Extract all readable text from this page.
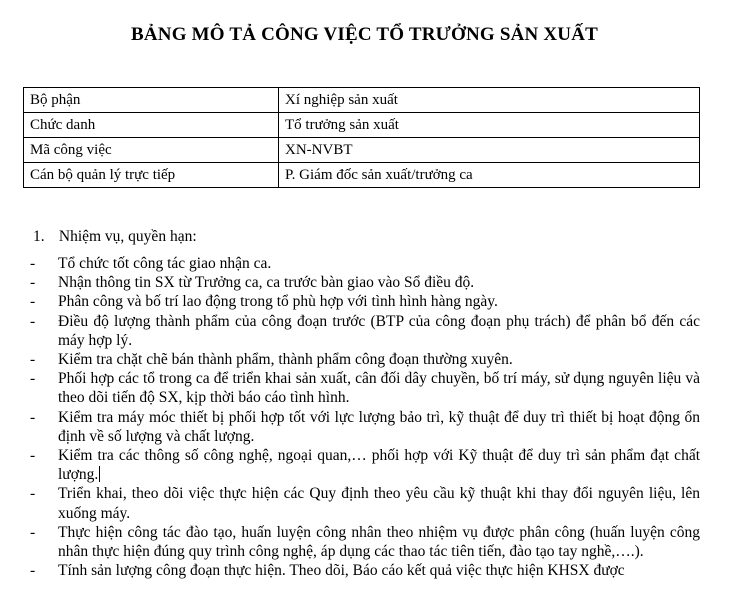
BẢNG MÔ TẢ CÔNG VIỆC TỔ TRƯỞNG SẢN XUẤT
Bộ phận	Xí nghiệp sản xuất
Chức danh	Tổ trưởng sản xuất
Mã công việc	XN-NVBT
Cán bộ quản lý trực tiếp	P. Giám đốc sản xuất/trưởng ca
1. Nhiệm vụ, quyền hạn:
- Tổ chức tốt công tác giao nhận ca.
- Nhận thông tin SX từ Trưởng ca, ca trước bàn giao vào Sổ điều độ.
- Phân công và bố trí lao động trong tổ phù hợp với tình hình hàng ngày.
- Điều độ lượng thành phẩm của công đoạn trước (BTP của công đoạn phụ trách) để phân bổ đến các máy hợp lý.
- Kiểm tra chặt chẽ bán thành phẩm, thành phẩm công đoạn thường xuyên.
- Phối hợp các tổ trong ca để triển khai sản xuất, cân đối dây chuyền, bố trí máy, sử dụng nguyên liệu và theo dõi tiến độ SX, kịp thời báo cáo tình hình.
- Kiểm tra máy móc thiết bị phối hợp tốt với lực lượng bảo trì, kỹ thuật để duy trì thiết bị hoạt động ổn định về số lượng và chất lượng.
- Kiểm tra các thông số công nghệ, ngoại quan,… phối hợp với Kỹ thuật để duy trì sản phẩm đạt chất lượng.
- Triển khai, theo dõi việc thực hiện các Quy định theo yêu cầu kỹ thuật khi thay đổi nguyên liệu, lên xuống máy.
- Thực hiện công tác đào tạo, huấn luyện công nhân theo nhiệm vụ được phân công (huấn luyện công nhân thực hiện đúng quy trình công nghệ, áp dụng các thao tác tiên tiến, đào tạo tay nghề,….).
- Tính sản lượng công đoạn thực hiện. Theo dõi, Báo cáo kết quả việc thực hiện KHSX được
